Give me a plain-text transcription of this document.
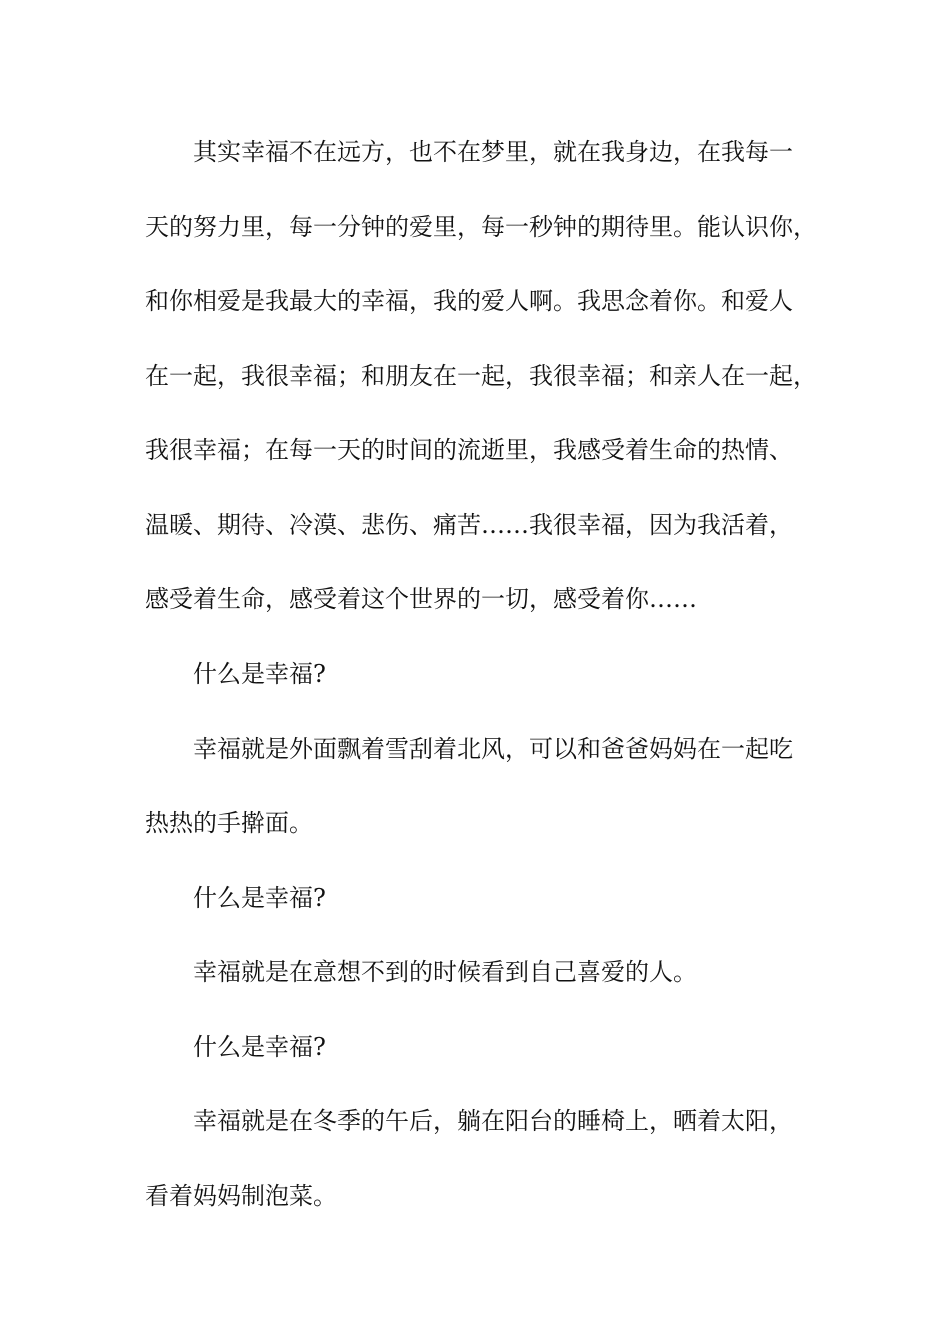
其实幸福不在远方，也不在梦里，就在我身边，在我每一
天的努力里，每一分钟的爱里，每一秒钟的期待里。能认识你，
和你相爱是我最大的幸福，我的爱人啊。我思念着你。和爱人
在一起，我很幸福；和朋友在一起，我很幸福；和亲人在一起，
我很幸福；在每一天的时间的流逝里，我感受着生命的热情、
温暖、期待、冷漠、悲伤、痛苦……我很幸福，因为我活着，
感受着生命，感受着这个世界的一切，感受着你……
什么是幸福?
幸福就是外面飘着雪刮着北风，可以和爸爸妈妈在一起吃
热热的手擀面。
什么是幸福?
幸福就是在意想不到的时候看到自己喜爱的人。
什么是幸福?
幸福就是在冬季的午后，躺在阳台的睡椅上，晒着太阳，
看着妈妈制泡菜。
